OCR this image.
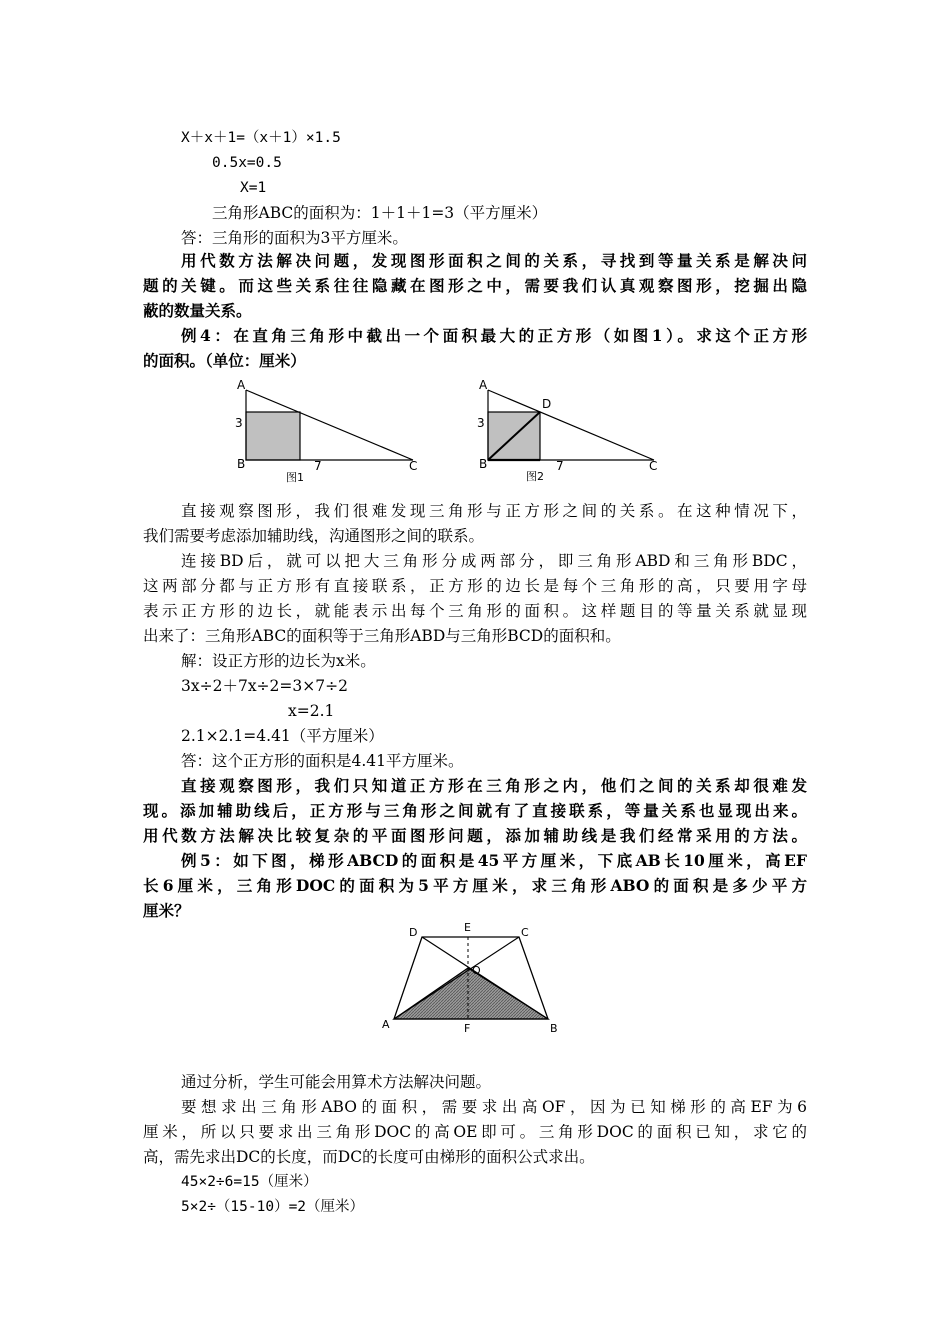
X＋x＋1=（x＋1）×1.5
0.5x=0.5
X=1
三角形ABC的面积为：1＋1＋1=3（平方厘米）
答：三角形的面积为3平方厘米。
用代数方法解决问题，发现图形面积之间的关系，寻找到等量关系是解决问
题的关键。而这些关系往往隐藏在图形之中，需要我们认真观察图形，挖掘出隐
蔽的数量关系。
例4：在直角三角形中截出一个面积最大的正方形（如图1）。求这个正方形
的面积。（单位：厘米）
A
3
B	C
7
图1
A
3
B
D
C
7
图2
直接观察图形，我们很难发现三角形与正方形之间的关系。在这种情况下，
我们需要考虑添加辅助线，沟通图形之间的联系。
连接BD后，就可以把大三角形分成两部分，即三角形ABD和三角形BDC，
这两部分都与正方形有直接联系，正方形的边长是每个三角形的高，只要用字母
表示正方形的边长，就能表示出每个三角形的面积。这样题目的等量关系就显现
出来了：三角形ABC的面积等于三角形ABD与三角形BCD的面积和。
解：设正方形的边长为x米。
3x÷2＋7x÷2=3×7÷2
x=2.1
2.1×2.1=4.41（平方厘米）
答：这个正方形的面积是4.41平方厘米。
直接观察图形，我们只知道正方形在三角形之内，他们之间的关系却很难发
现。添加辅助线后，正方形与三角形之间就有了直接联系，等量关系也显现出来。
用代数方法解决比较复杂的平面图形问题，添加辅助线是我们经常采用的方法。
例5：如下图，梯形ABCD的面积是45平方厘米，下底AB长10厘米，高EF
长6厘米，三角形DOC的面积为5平方厘米，求三角形ABO的面积是多少平方
厘米？
D	E	C
O
A	F	B
通过分析，学生可能会用算术方法解决问题。
要想求出三角形ABO的面积，需要求出高OF，因为已知梯形的高EF为6
厘米，所以只要求出三角形DOC的高OE即可。三角形DOC的面积已知，求它的
高，需先求出DC的长度，而DC的长度可由梯形的面积公式求出。
45×2÷6=15（厘米）
5×2÷（15-10）=2（厘米）
